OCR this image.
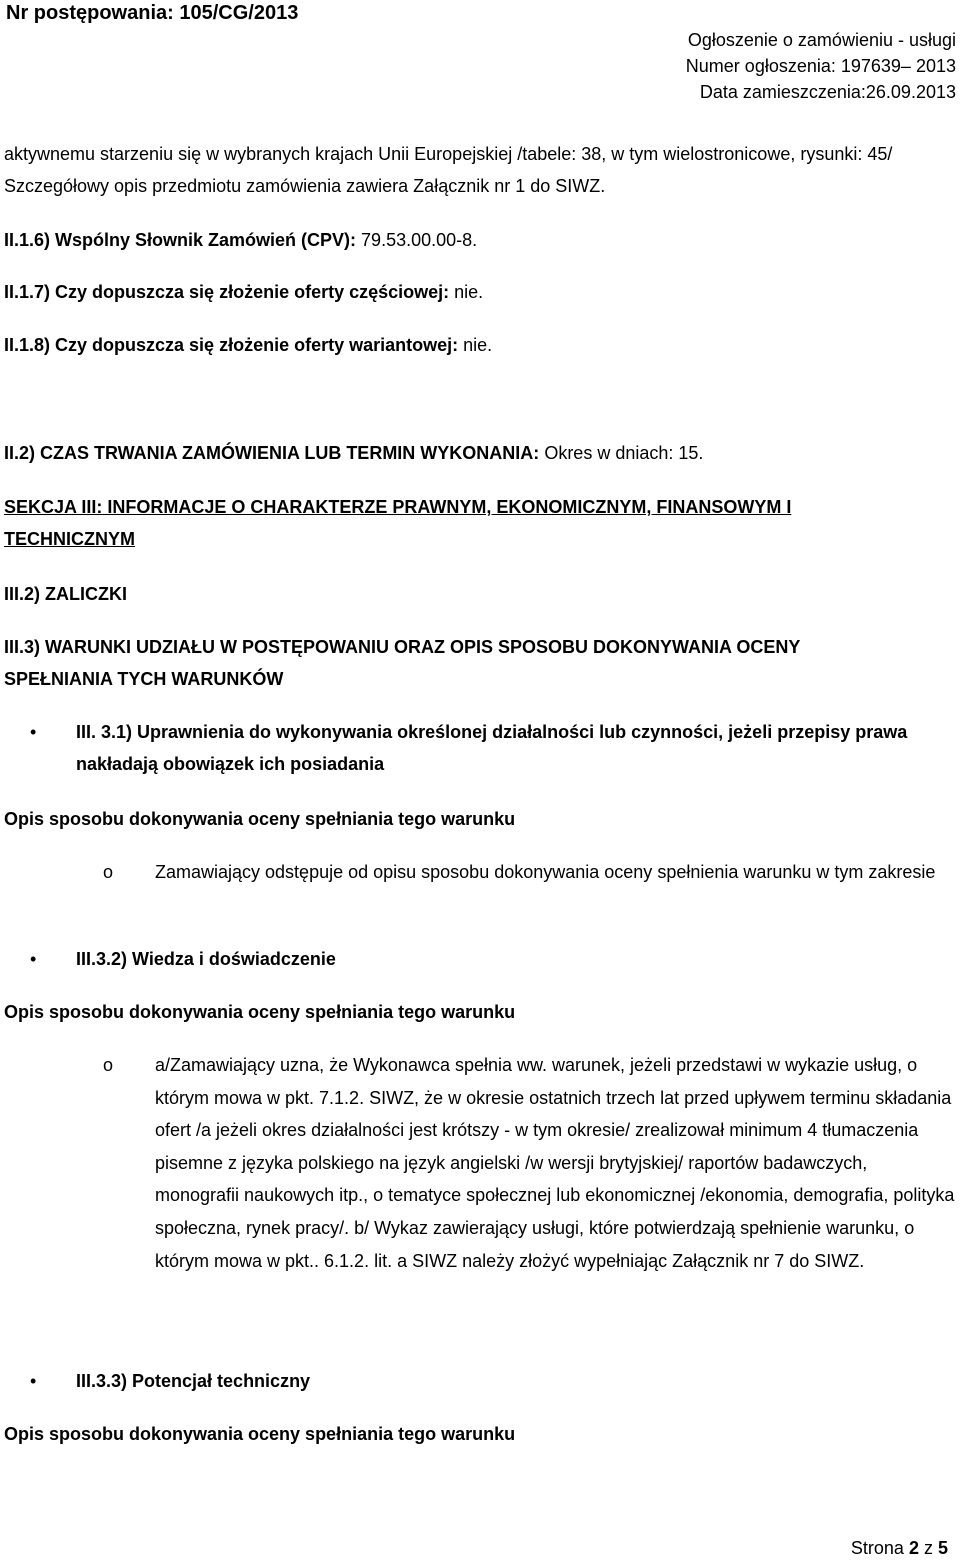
Nr postępowania: 105/CG/2013
Ogłoszenie o zamówieniu - usługi
Numer ogłoszenia: 197639– 2013
Data zamieszczenia:26.09.2013
aktywnemu starzeniu się w wybranych krajach Unii Europejskiej /tabele: 38, w tym wielostronicowe, rysunki: 45/ Szczegółowy opis przedmiotu zamówienia zawiera Załącznik nr 1 do SIWZ.
II.1.6) Wspólny Słownik Zamówień (CPV): 79.53.00.00-8.
II.1.7) Czy dopuszcza się złożenie oferty częściowej: nie.
II.1.8) Czy dopuszcza się złożenie oferty wariantowej: nie.
II.2) CZAS TRWANIA ZAMÓWIENIA LUB TERMIN WYKONANIA: Okres w dniach: 15.
SEKCJA III: INFORMACJE O CHARAKTERZE PRAWNYM, EKONOMICZNYM, FINANSOWYM I
TECHNICZNYM
III.2) ZALICZKI
III.3) WARUNKI UDZIAŁU W POSTĘPOWANIU ORAZ OPIS SPOSOBU DOKONYWANIA OCENY
SPEŁNIANIA TYCH WARUNKÓW
• III. 3.1) Uprawnienia do wykonywania określonej działalności lub czynności, jeżeli przepisy prawa nakładają obowiązek ich posiadania
Opis sposobu dokonywania oceny spełniania tego warunku
o Zamawiający odstępuje od opisu sposobu dokonywania oceny spełnienia warunku w tym zakresie
• III.3.2) Wiedza i doświadczenie
Opis sposobu dokonywania oceny spełniania tego warunku
o a/Zamawiający uzna, że Wykonawca spełnia ww. warunek, jeżeli przedstawi w wykazie usług, o którym mowa w pkt. 7.1.2. SIWZ, że w okresie ostatnich trzech lat przed upływem terminu składania ofert /a jeżeli okres działalności jest krótszy - w tym okresie/ zrealizował minimum 4 tłumaczenia pisemne z języka polskiego na język angielski /w wersji brytyjskiej/ raportów badawczych, monografii naukowych itp., o tematyce społecznej lub ekonomicznej /ekonomia, demografia, polityka społeczna, rynek pracy/. b/ Wykaz zawierający usługi, które potwierdzają spełnienie warunku, o którym mowa w pkt.. 6.1.2. lit. a SIWZ należy złożyć wypełniając Załącznik nr 7 do SIWZ.
• III.3.3) Potencjał techniczny
Opis sposobu dokonywania oceny spełniania tego warunku
Strona 2 z 5
